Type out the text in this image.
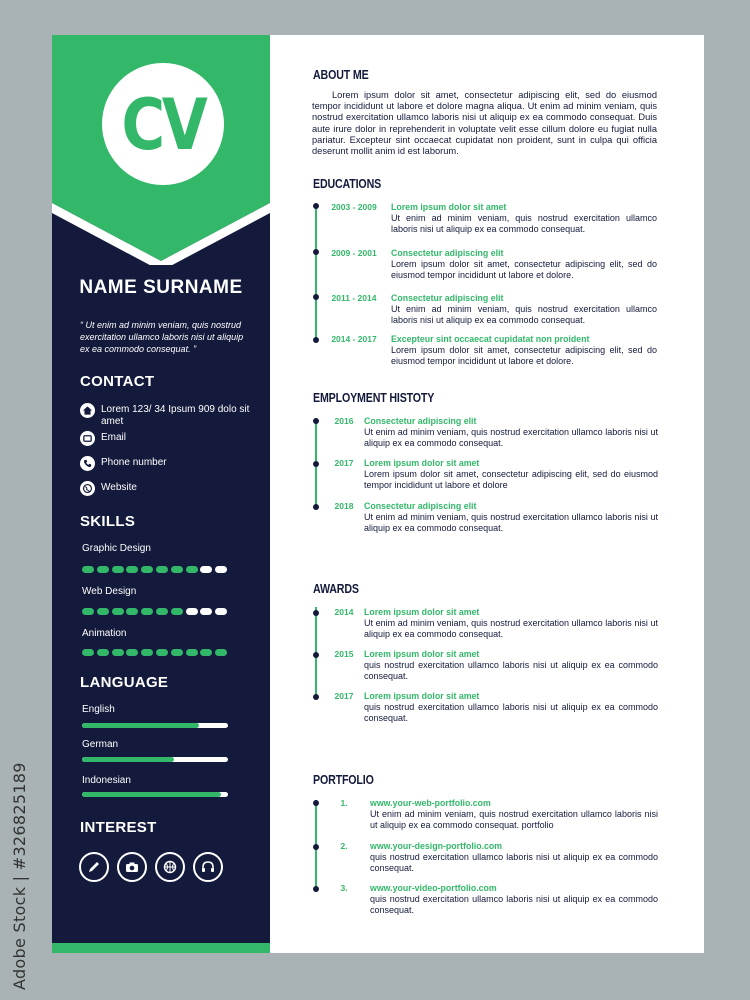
Adobe Stock | #326825189
CV
NAME SURNAME
“ Ut enim ad minim veniam, quis nostrud exercitation ullamco laboris nisi ut aliquip ex ea commodo consequat. ”
CONTACT
Lorem 123/ 34 Ipsum 909 dolo sit amet
Email
Phone number
Website
SKILLS
Graphic Design
Web Design
Animation
LANGUAGE
English
German
Indonesian
INTEREST
ABOUT ME
Lorem ipsum dolor sit amet, consectetur adipiscing elit, sed do eiusmod tempor incididunt ut labore et dolore magna aliqua. Ut enim ad minim veniam, quis nostrud exercitation ullamco laboris nisi ut aliquip ex ea commodo consequat. Duis aute irure dolor in reprehenderit in voluptate velit esse cillum dolore eu fugiat nulla pariatur. Excepteur sint occaecat cupidatat non proident, sunt in culpa qui officia deserunt mollit anim id est laborum.
EDUCATIONS
2003 - 2009	Lorem ipsum dolor sit amet
Ut enim ad minim veniam, quis nostrud exercitation ullamco laboris nisi ut aliquip ex ea commodo consequat.
2009 - 2001	Consectetur adipiscing elit
Lorem ipsum dolor sit amet, consectetur adipiscing elit, sed do eiusmod tempor incididunt ut labore et dolore.
2011 - 2014	Consectetur adipiscing elit
Ut enim ad minim veniam, quis nostrud exercitation ullamco laboris nisi ut aliquip ex ea commodo consequat.
2014 - 2017	Excepteur sint occaecat cupidatat non proident
Lorem ipsum dolor sit amet, consectetur adipiscing elit, sed do eiusmod tempor incididunt ut labore et dolore.
EMPLOYMENT HISTOTY
2016	Consectetur adipiscing elit
Ut enim ad minim veniam, quis nostrud exercitation ullamco laboris nisi ut aliquip ex ea commodo consequat.
2017	Lorem ipsum dolor sit amet
Lorem ipsum dolor sit amet, consectetur adipiscing elit, sed do eiusmod tempor incididunt ut labore et dolore
2018	Consectetur adipiscing elit
Ut enim ad minim veniam, quis nostrud exercitation ullamco laboris nisi ut aliquip ex ea commodo consequat.
AWARDS
2014	Lorem ipsum dolor sit amet
Ut enim ad minim veniam, quis nostrud exercitation ullamco laboris nisi ut aliquip ex ea commodo consequat.
2015	Lorem ipsum dolor sit amet
quis nostrud exercitation ullamco laboris nisi ut aliquip ex ea commodo consequat.
2017	Lorem ipsum dolor sit amet
quis nostrud exercitation ullamco laboris nisi ut aliquip ex ea commodo consequat.
PORTFOLIO
1.	www.your-web-portfolio.com
Ut enim ad minim veniam, quis nostrud exercitation ullamco laboris nisi ut aliquip ex ea commodo consequat. portfolio
2.	www.your-design-portfolio.com
quis nostrud exercitation ullamco laboris nisi ut aliquip ex ea commodo consequat.
3.	www.your-video-portfolio.com
quis nostrud exercitation ullamco laboris nisi ut aliquip ex ea commodo consequat.
